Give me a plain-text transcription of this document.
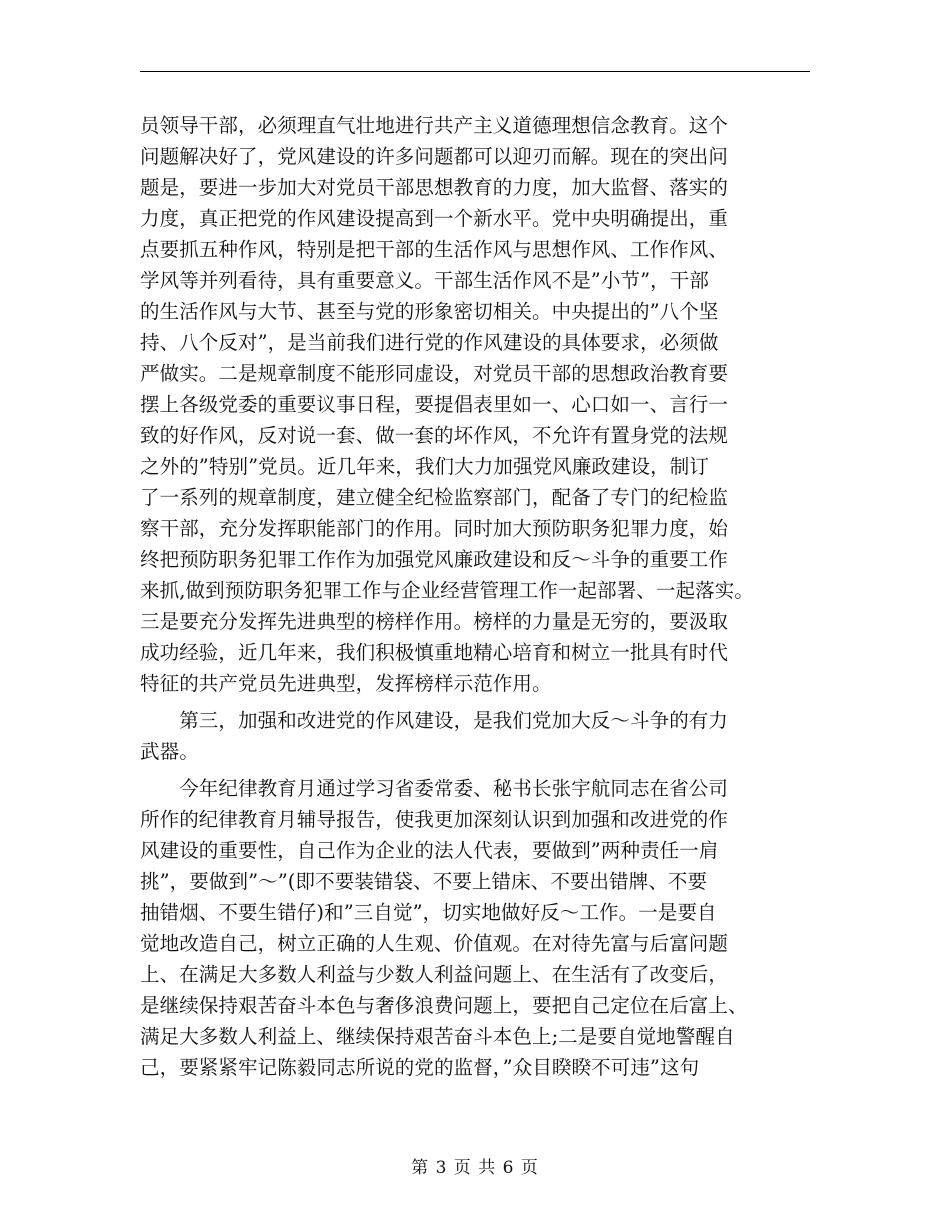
员领导干部，必须理直气壮地进行共产主义道德理想信念教育。这个
问题解决好了，党风建设的许多问题都可以迎刃而解。现在的突出问
题是，要进一步加大对党员干部思想教育的力度，加大监督、落实的
力度，真正把党的作风建设提高到一个新水平。党中央明确提出，重
点要抓五种作风，特别是把干部的生活作风与思想作风、工作作风、
学风等并列看待，具有重要意义。干部生活作风不是”小节”，干部
的生活作风与大节、甚至与党的形象密切相关。中央提出的”八个坚
持、八个反对”，是当前我们进行党的作风建设的具体要求，必须做
严做实。二是规章制度不能形同虚设，对党员干部的思想政治教育要
摆上各级党委的重要议事日程，要提倡表里如一、心口如一、言行一
致的好作风，反对说一套、做一套的坏作风，不允许有置身党的法规
之外的”特别”党员。近几年来，我们大力加强党风廉政建设，制订
了一系列的规章制度，建立健全纪检监察部门，配备了专门的纪检监
察干部，充分发挥职能部门的作用。同时加大预防职务犯罪力度，始
终把预防职务犯罪工作作为加强党风廉政建设和反～斗争的重要工作
来抓,做到预防职务犯罪工作与企业经营管理工作一起部署、一起落实。
三是要充分发挥先进典型的榜样作用。榜样的力量是无穷的，要汲取
成功经验，近几年来，我们积极慎重地精心培育和树立一批具有时代
特征的共产党员先进典型，发挥榜样示范作用。
　　第三，加强和改进党的作风建设，是我们党加大反～斗争的有力
武器。
　　今年纪律教育月通过学习省委常委、秘书长张宇航同志在省公司
所作的纪律教育月辅导报告，使我更加深刻认识到加强和改进党的作
风建设的重要性，自己作为企业的法人代表，要做到”两种责任一肩
挑”，要做到”～”(即不要装错袋、不要上错床、不要出错牌、不要
抽错烟、不要生错仔)和”三自觉”，切实地做好反～工作。一是要自
觉地改造自己，树立正确的人生观、价值观。在对待先富与后富问题
上、在满足大多数人利益与少数人利益问题上、在生活有了改变后，
是继续保持艰苦奋斗本色与奢侈浪费问题上，要把自己定位在后富上、
满足大多数人利益上、继续保持艰苦奋斗本色上;二是要自觉地警醒自
己，要紧紧牢记陈毅同志所说的党的监督，”众目睽睽不可违”这句
第 3 页 共 6 页
